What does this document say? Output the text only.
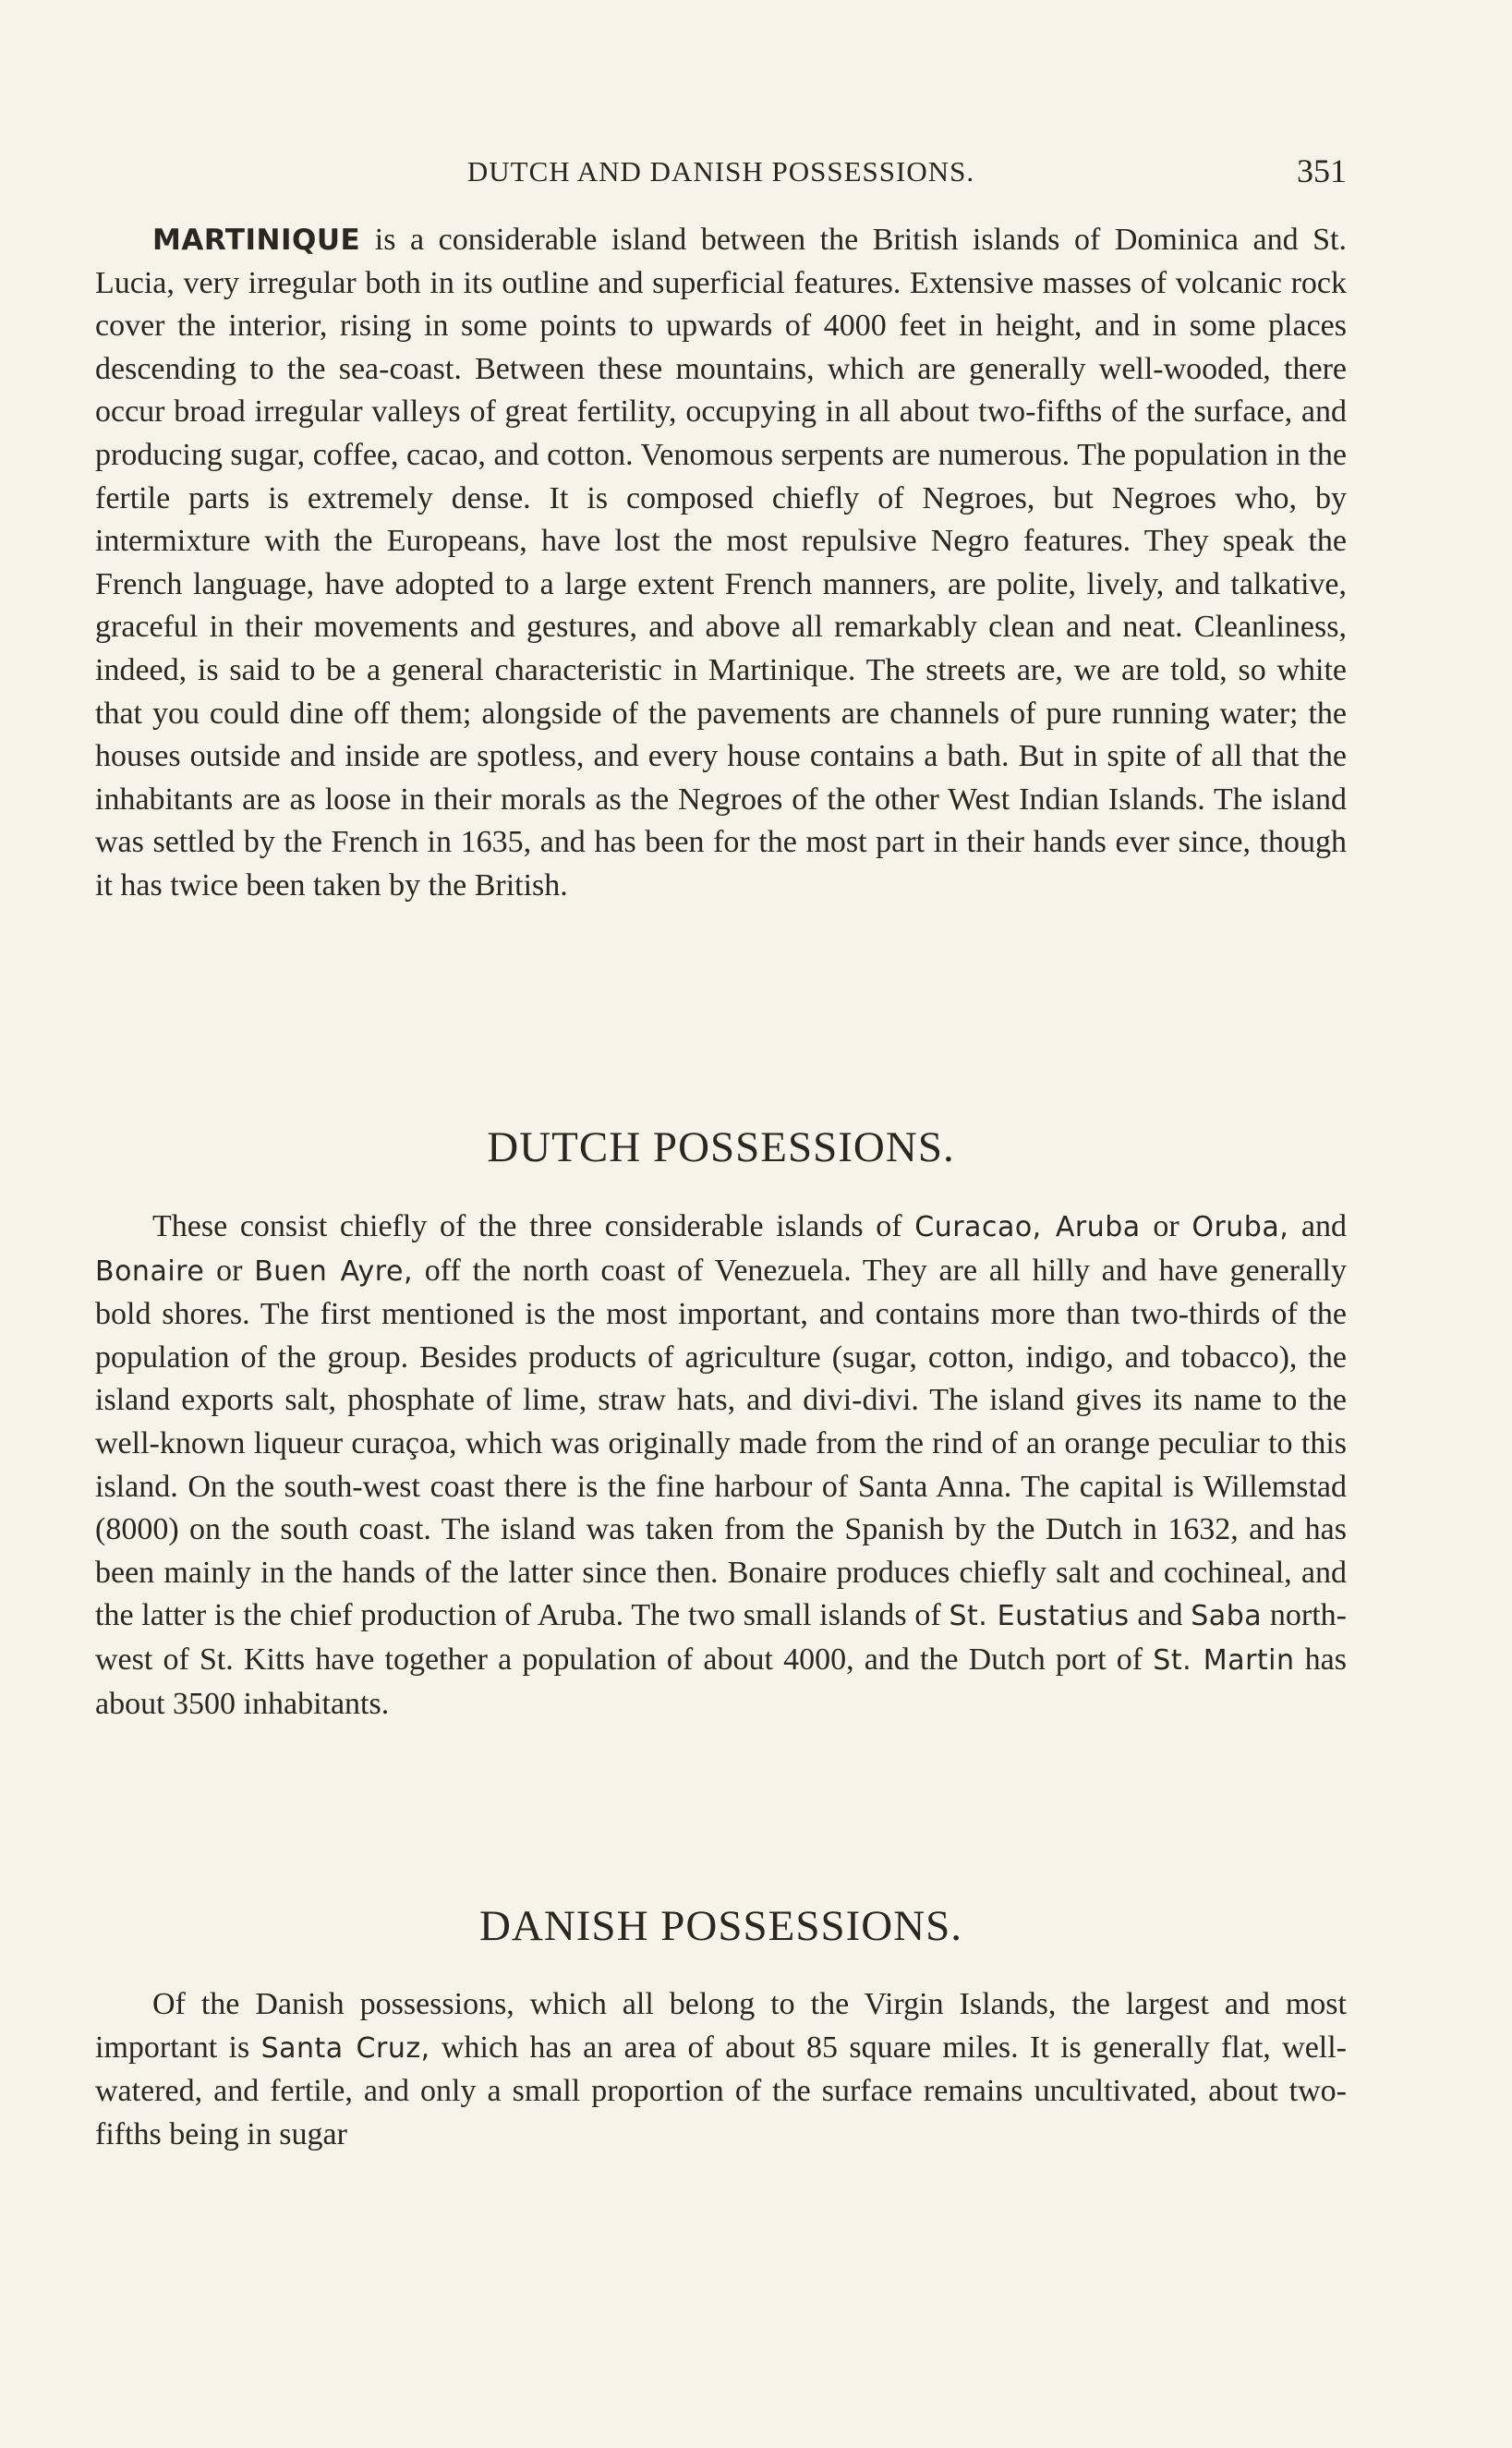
DUTCH AND DANISH POSSESSIONS.	351

MARTINIQUE is a considerable island between the British islands of Dominica and St. Lucia, very irregular both in its outline and superficial features. Extensive masses of volcanic rock cover the interior, rising in some points to upwards of 4000 feet in height, and in some places descending to the sea-coast. Between these mountains, which are generally well-wooded, there occur broad irregular valleys of great fertility, occupying in all about two-fifths of the surface, and producing sugar, coffee, cacao, and cotton. Venomous serpents are numerous. The population in the fertile parts is extremely dense. It is composed chiefly of Negroes, but Negroes who, by intermixture with the Europeans, have lost the most repulsive Negro features. They speak the French language, have adopted to a large extent French manners, are polite, lively, and talkative, graceful in their movements and gestures, and above all remarkably clean and neat. Cleanliness, indeed, is said to be a general characteristic in Martinique. The streets are, we are told, so white that you could dine off them; alongside of the pavements are channels of pure running water; the houses outside and inside are spotless, and every house contains a bath. But in spite of all that the inhabitants are as loose in their morals as the Negroes of the other West Indian Islands. The island was settled by the French in 1635, and has been for the most part in their hands ever since, though it has twice been taken by the British.

DUTCH POSSESSIONS.

These consist chiefly of the three considerable islands of Curacao, Aruba or Oruba, and Bonaire or Buen Ayre, off the north coast of Venezuela. They are all hilly and have generally bold shores. The first mentioned is the most important, and contains more than two-thirds of the population of the group. Besides products of agriculture (sugar, cotton, indigo, and tobacco), the island exports salt, phosphate of lime, straw hats, and divi-divi. The island gives its name to the well-known liqueur curaçoa, which was originally made from the rind of an orange peculiar to this island. On the south-west coast there is the fine harbour of Santa Anna. The capital is Willemstad (8000) on the south coast. The island was taken from the Spanish by the Dutch in 1632, and has been mainly in the hands of the latter since then. Bonaire produces chiefly salt and cochineal, and the latter is the chief production of Aruba. The two small islands of St. Eustatius and Saba north-west of St. Kitts have together a population of about 4000, and the Dutch port of St. Martin has about 3500 inhabitants.

DANISH POSSESSIONS.

Of the Danish possessions, which all belong to the Virgin Islands, the largest and most important is Santa Cruz, which has an area of about 85 square miles. It is generally flat, well-watered, and fertile, and only a small proportion of the surface remains uncultivated, about two-fifths being in sugar
